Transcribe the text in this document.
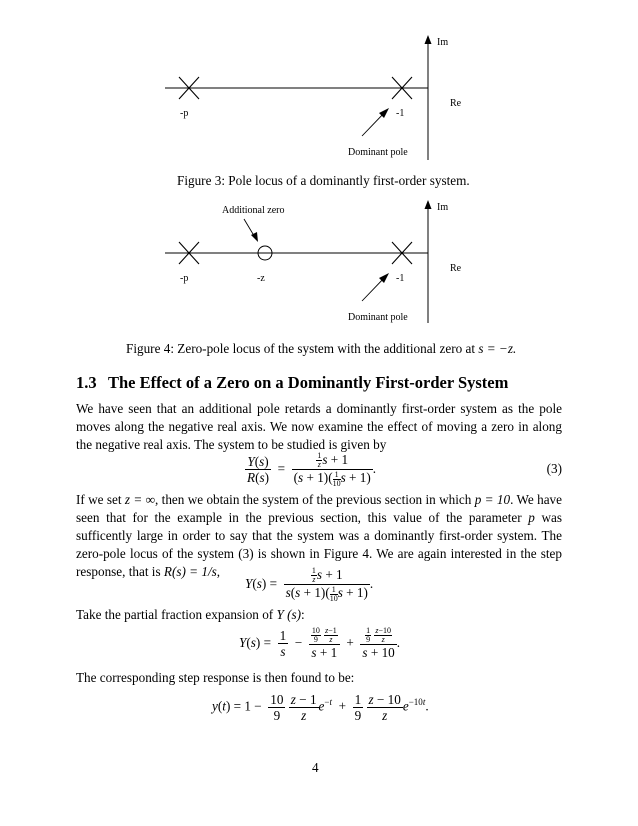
Im
Re
-p	-1
Dominant pole
Figure 3: Pole locus of a dominantly first-order system.
Im
Re
Additional zero
-p	-z	-1
Dominant pole
Figure 4: Zero-pole locus of the system with the additional zero at s = −z.
1.3 The Effect of a Zero on a Dominantly First-order System
We have seen that an additional pole retards a dominantly first-order system as the pole moves along the negative real axis. We now examine the effect of moving a zero in along the negative real axis. The system to be studied is given by
$\frac{Y(s)}{R(s)} = \frac{\frac{1}{z} s + 1}{(s + 1)( \frac{1}{10} s + 1)}$ .	(3)
If we set z = ∞, then we obtain the system of the previous section in which p = 10. We have seen that for the example in the previous section, this value of the parameter p was sufficently large in order to say that the system was a dominantly first-order system. The zero-pole locus of the system (3) is shown in Figure 4. We are again interested in the step response, that is R(s) = 1/s,
$Y(s) = \frac{\frac{1}{z} s + 1}{s(s + 1)( \frac{1}{10} s + 1)}$ .
Take the partial fraction expansion of Y (s):
$Y(s) = \frac{1}{s} - \frac{10}{9}$
$\frac{z-1}{z}$
$s + 1 + \frac{1}{9}$
$\frac{z-10}{z}$
s + 10 .
The corresponding step response is then found to be:
$y(t) = 1 - \frac{10}{9}$
$\frac{z - 1}{z} e^{-t} + \frac{1}{9}$
$\frac{z - 10}{z} e^{-10t}$.
4
